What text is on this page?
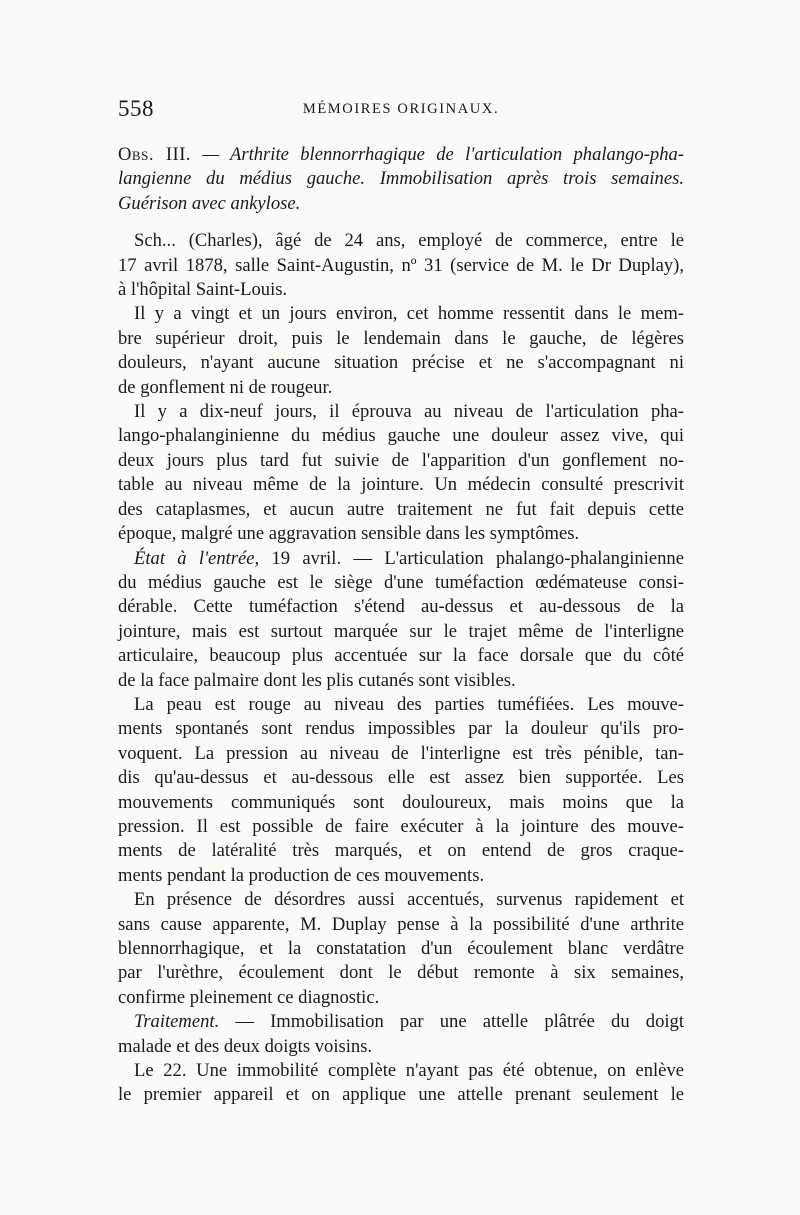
558	MÉMOIRES ORIGINAUX.
Obs. III. — Arthrite blennorrhagique de l'articulation phalango-pha-
langienne du médius gauche. Immobilisation après trois semaines.
Guérison avec ankylose.
Sch... (Charles), âgé de 24 ans, employé de commerce, entre le
17 avril 1878, salle Saint-Augustin, nº 31 (service de M. le Dr Duplay),
à l'hôpital Saint-Louis.
Il y a vingt et un jours environ, cet homme ressentit dans le mem-
bre supérieur droit, puis le lendemain dans le gauche, de légères
douleurs, n'ayant aucune situation précise et ne s'accompagnant ni
de gonflement ni de rougeur.
Il y a dix-neuf jours, il éprouva au niveau de l'articulation pha-
lango-phalanginienne du médius gauche une douleur assez vive, qui
deux jours plus tard fut suivie de l'apparition d'un gonflement no-
table au niveau même de la jointure. Un médecin consulté prescrivit
des cataplasmes, et aucun autre traitement ne fut fait depuis cette
époque, malgré une aggravation sensible dans les symptômes.
État à l'entrée, 19 avril. — L'articulation phalango-phalanginienne
du médius gauche est le siège d'une tuméfaction œdémateuse consi-
dérable. Cette tuméfaction s'étend au-dessus et au-dessous de la
jointure, mais est surtout marquée sur le trajet même de l'interligne
articulaire, beaucoup plus accentuée sur la face dorsale que du côté
de la face palmaire dont les plis cutanés sont visibles.
La peau est rouge au niveau des parties tuméfiées. Les mouve-
ments spontanés sont rendus impossibles par la douleur qu'ils pro-
voquent. La pression au niveau de l'interligne est très pénible, tan-
dis qu'au-dessus et au-dessous elle est assez bien supportée. Les
mouvements communiqués sont douloureux, mais moins que la
pression. Il est possible de faire exécuter à la jointure des mouve-
ments de latéralité très marqués, et on entend de gros craque-
ments pendant la production de ces mouvements.
En présence de désordres aussi accentués, survenus rapidement et
sans cause apparente, M. Duplay pense à la possibilité d'une arthrite
blennorrhagique, et la constatation d'un écoulement blanc verdâtre
par l'urèthre, écoulement dont le début remonte à six semaines,
confirme pleinement ce diagnostic.
Traitement. — Immobilisation par une attelle plâtrée du doigt
malade et des deux doigts voisins.
Le 22. Une immobilité complète n'ayant pas été obtenue, on enlève
le premier appareil et on applique une attelle prenant seulement le
